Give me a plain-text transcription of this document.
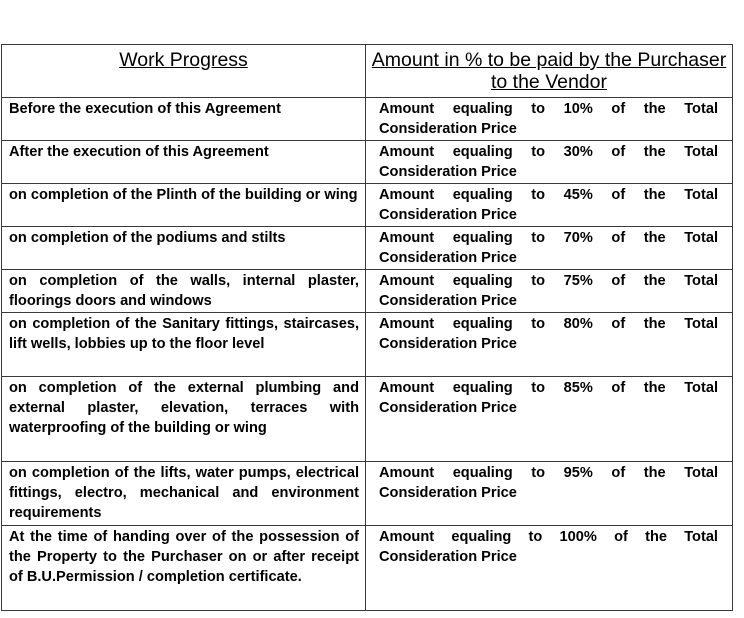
Work Progress	Amount in % to be paid by the Purchaser to the Vendor
Before the execution of this Agreement	Amount equaling to 10% of the Total
Consideration Price

After the execution of this Agreement	Amount equaling to 30% of the Total
Consideration Price

on completion of the Plinth of the building or wing	Amount equaling to 45% of the Total
Consideration Price

on completion of the podiums and stilts	Amount equaling to 70% of the Total
Consideration Price

on completion of the walls, internal plaster, floorings doors and windows	Amount equaling to 75% of the Total
Consideration Price

on completion of the Sanitary fittings, staircases, lift wells, lobbies up to the floor level	Amount equaling to 80% of the Total
Consideration Price

on completion of the external plumbing and external plaster, elevation, terraces with waterproofing of the building or wing	Amount equaling to 85% of the Total
Consideration Price

on completion of the lifts, water pumps, electrical fittings, electro, mechanical and environment requirements	Amount equaling to 95% of the Total
Consideration Price

At the time of handing over of the possession of the Property to the Purchaser on or after receipt of B.U.Permission / completion certificate.	Amount equaling to 100% of the Total
Consideration Price
